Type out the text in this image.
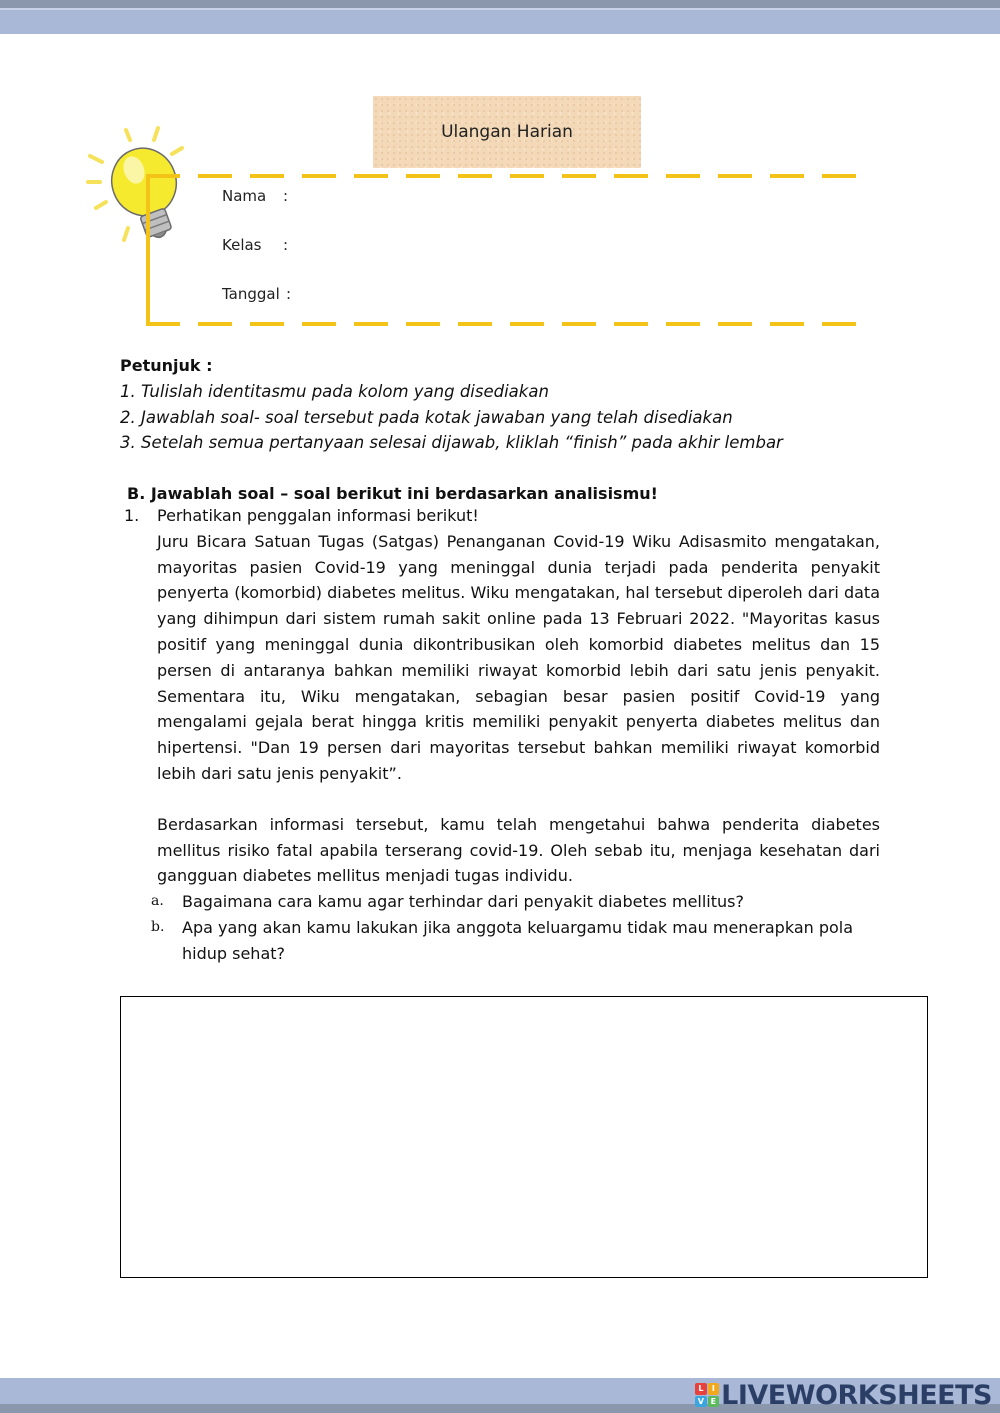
Ulangan Harian
Nama :
Kelas :
Tanggal :
Petunjuk :
1. Tulislah identitasmu pada kolom yang disediakan
2. Jawablah soal- soal tersebut pada kotak jawaban yang telah disediakan
3. Setelah semua pertanyaan selesai dijawab, kliklah “finish” pada akhir lembar
B. Jawablah soal – soal berikut ini berdasarkan analisismu!
1. Perhatikan penggalan informasi berikut!
Juru Bicara Satuan Tugas (Satgas) Penanganan Covid-19 Wiku Adisasmito mengatakan, mayoritas pasien Covid-19 yang meninggal dunia terjadi pada penderita penyakit penyerta (komorbid) diabetes melitus. Wiku mengatakan, hal tersebut diperoleh dari data yang dihimpun dari sistem rumah sakit online pada 13 Februari 2022. "Mayoritas kasus positif yang meninggal dunia dikontribusikan oleh komorbid diabetes melitus dan 15 persen di antaranya bahkan memiliki riwayat komorbid lebih dari satu jenis penyakit. Sementara itu, Wiku mengatakan, sebagian besar pasien positif Covid-19 yang mengalami gejala berat hingga kritis memiliki penyakit penyerta diabetes melitus dan hipertensi. "Dan 19 persen dari mayoritas tersebut bahkan memiliki riwayat komorbid lebih dari satu jenis penyakit”.
Berdasarkan informasi tersebut, kamu telah mengetahui bahwa penderita diabetes mellitus risiko fatal apabila terserang covid-19. Oleh sebab itu, menjaga kesehatan dari gangguan diabetes mellitus menjadi tugas individu.
a. Bagaimana cara kamu agar terhindar dari penyakit diabetes mellitus?
b. Apa yang akan kamu lakukan jika anggota keluargamu tidak mau menerapkan pola hidup sehat?
L	I
V E LIVEWORKSHEETS
